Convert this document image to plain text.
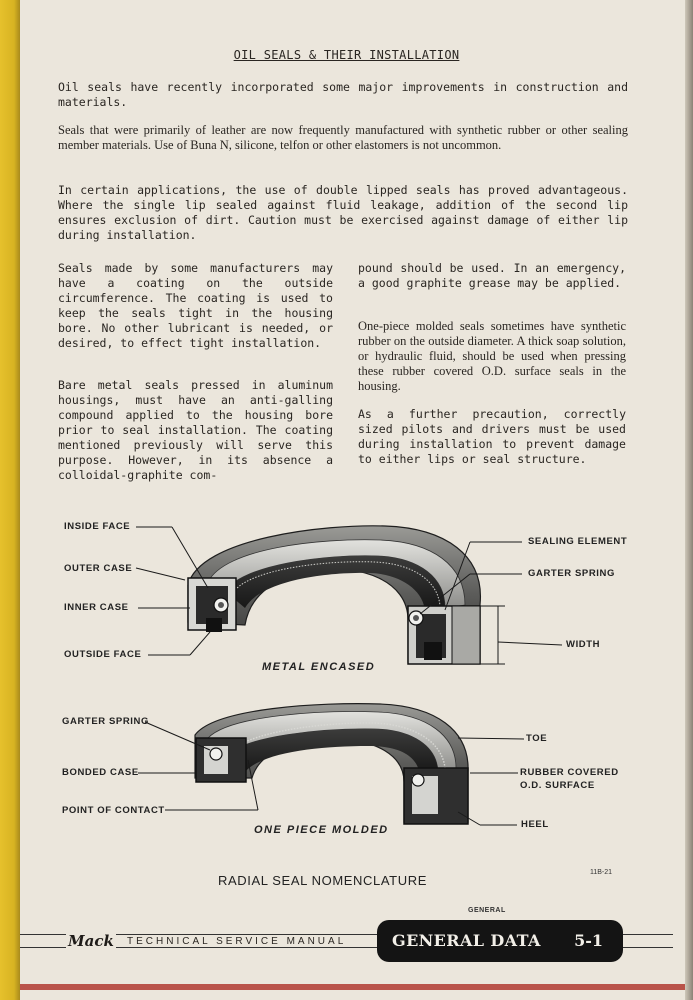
OIL SEALS & THEIR INSTALLATION

Oil seals have recently incorporated some major improvements in construction and materials.

Seals that were primarily of leather are now frequently manufactured with synthetic rubber or other sealing member materials. Use of Buna N, silicone, telfon or other elastomers is not uncommon.

In certain applications, the use of double lipped seals has proved advantageous. Where the single lip sealed against fluid leakage, addition of the second lip ensures exclusion of dirt. Caution must be exercised against damage of either lip during installation.

Seals made by some manufacturers may have a coating on the outside circumference. The coating is used to keep the seals tight in the housing bore. No other lubricant is needed, or desired, to effect tight installation.

Bare metal seals pressed in aluminum housings, must have an anti-galling compound applied to the housing bore prior to seal installation. The coating mentioned previously will serve this purpose. However, in its absence a colloidal-graphite com-

pound should be used. In an emergency, a good graphite grease may be applied.

One-piece molded seals sometimes have synthetic rubber on the outside diameter. A thick soap solution, or hydraulic fluid, should be used when pressing these rubber covered O.D. surface seals in the housing.

As a further precaution, correctly sized pilots and drivers must be used during installation to prevent damage to either lips or seal structure.

INSIDE FACE
OUTER CASE
INNER CASE
OUTSIDE FACE
SEALING ELEMENT
GARTER SPRING
WIDTH
METAL ENCASED
GARTER SPRING
BONDED CASE
POINT OF CONTACT
TOE
RUBBER COVERED
O.D. SURFACE
HEEL
ONE PIECE MOLDED
RADIAL SEAL NOMENCLATURE
11B-21
GENERAL
Mack	TECHNICAL SERVICE MANUAL	GENERAL DATA 5-1
